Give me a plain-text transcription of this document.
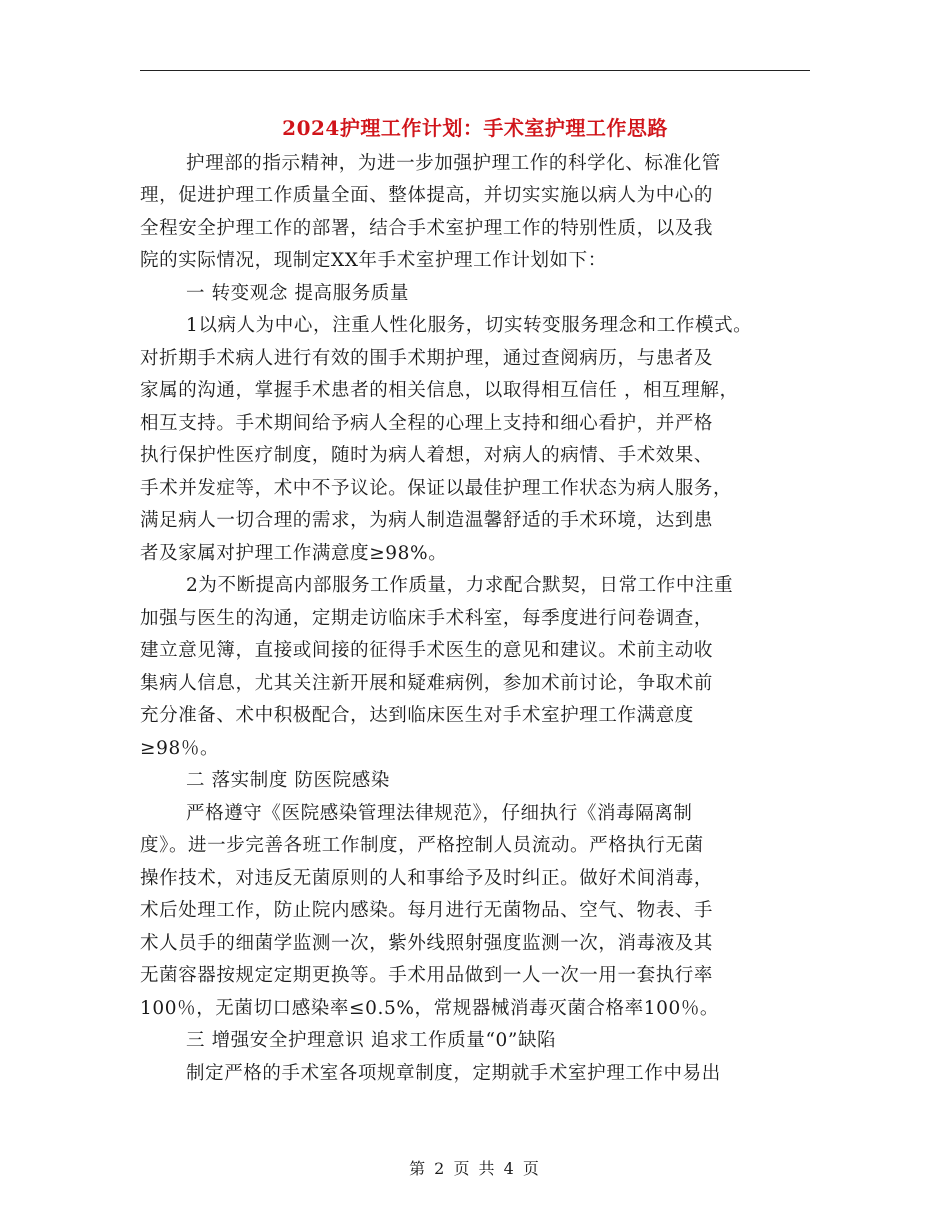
2024护理工作计划：手术室护理工作思路
护理部的指示精神，为进一步加强护理工作的科学化、标准化管
理，促进护理工作质量全面、整体提高，并切实实施以病人为中心的
全程安全护理工作的部署，结合手术室护理工作的特别性质，以及我
院的实际情况，现制定XX年手术室护理工作计划如下：
一 转变观念 提高服务质量
1以病人为中心，注重人性化服务，切实转变服务理念和工作模式。
对折期手术病人进行有效的围手术期护理，通过查阅病历，与患者及
家属的沟通，掌握手术患者的相关信息，以取得相互信任 ，相互理解，
相互支持。手术期间给予病人全程的心理上支持和细心看护，并严格
执行保护性医疗制度，随时为病人着想，对病人的病情、手术效果、
手术并发症等，术中不予议论。保证以最佳护理工作状态为病人服务，
满足病人一切合理的需求，为病人制造温馨舒适的手术环境，达到患
者及家属对护理工作满意度≥98%。
2为不断提高内部服务工作质量，力求配合默契，日常工作中注重
加强与医生的沟通，定期走访临床手术科室，每季度进行问卷调查，
建立意见簿，直接或间接的征得手术医生的意见和建议。术前主动收
集病人信息，尤其关注新开展和疑难病例，参加术前讨论，争取术前
充分准备、术中积极配合，达到临床医生对手术室护理工作满意度
≥98％。
二 落实制度 防医院感染
严格遵守《医院感染管理法律规范》，仔细执行《消毒隔离制
度》。进一步完善各班工作制度，严格控制人员流动。严格执行无菌
操作技术，对违反无菌原则的人和事给予及时纠正。做好术间消毒，
术后处理工作，防止院内感染。每月进行无菌物品、空气、物表、手
术人员手的细菌学监测一次，紫外线照射强度监测一次，消毒液及其
无菌容器按规定定期更换等。手术用品做到一人一次一用一套执行率
100％，无菌切口感染率≤0.5%，常规器械消毒灭菌合格率100％。
三 增强安全护理意识 追求工作质量“0”缺陷
制定严格的手术室各项规章制度，定期就手术室护理工作中易出
第 2 页 共 4 页
